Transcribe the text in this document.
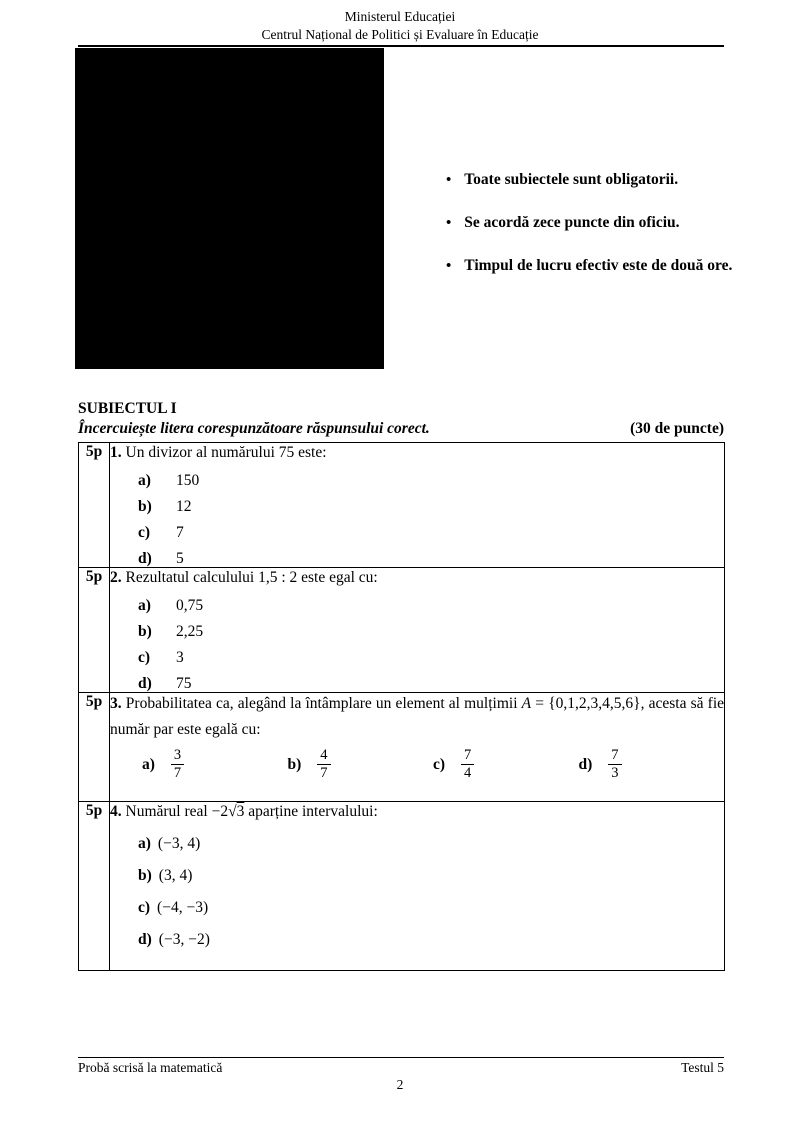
Ministerul Educației
Centrul Național de Politici și Evaluare în Educație
• Toate subiectele sunt obligatorii.
• Se acordă zece puncte din oficiu.
• Timpul de lucru efectiv este de două ore.
SUBIECTUL I
Încercuiește litera corespunzătoare răspunsului corect.	(30 de puncte)
5p	1. Un divizor al numărului 75 este:
a) 150
b) 12
c) 7
d) 5

5p	2. Rezultatul calculului 1,5 : 2 este egal cu:
a) 0,75
b) 2,25
c) 3
d) 75

5p	3. Probabilitatea ca, alegând la întâmplare un element al mulțimii A = {0,1,2,3,4,5,6}, acesta să fie număr par este egală cu:
$a) \frac{3}{7}$	$b) \frac{4}{7}$	$c) \frac{7}{4}$	$d) \frac{7}{3}$

5p	4. Numărul real −2√3 aparține intervalului:
a) (−3, 4)
b) (3, 4)
c) (−4, −3)
d) (−3, −2)
Probă scrisă la matematică	Testul 5
2
